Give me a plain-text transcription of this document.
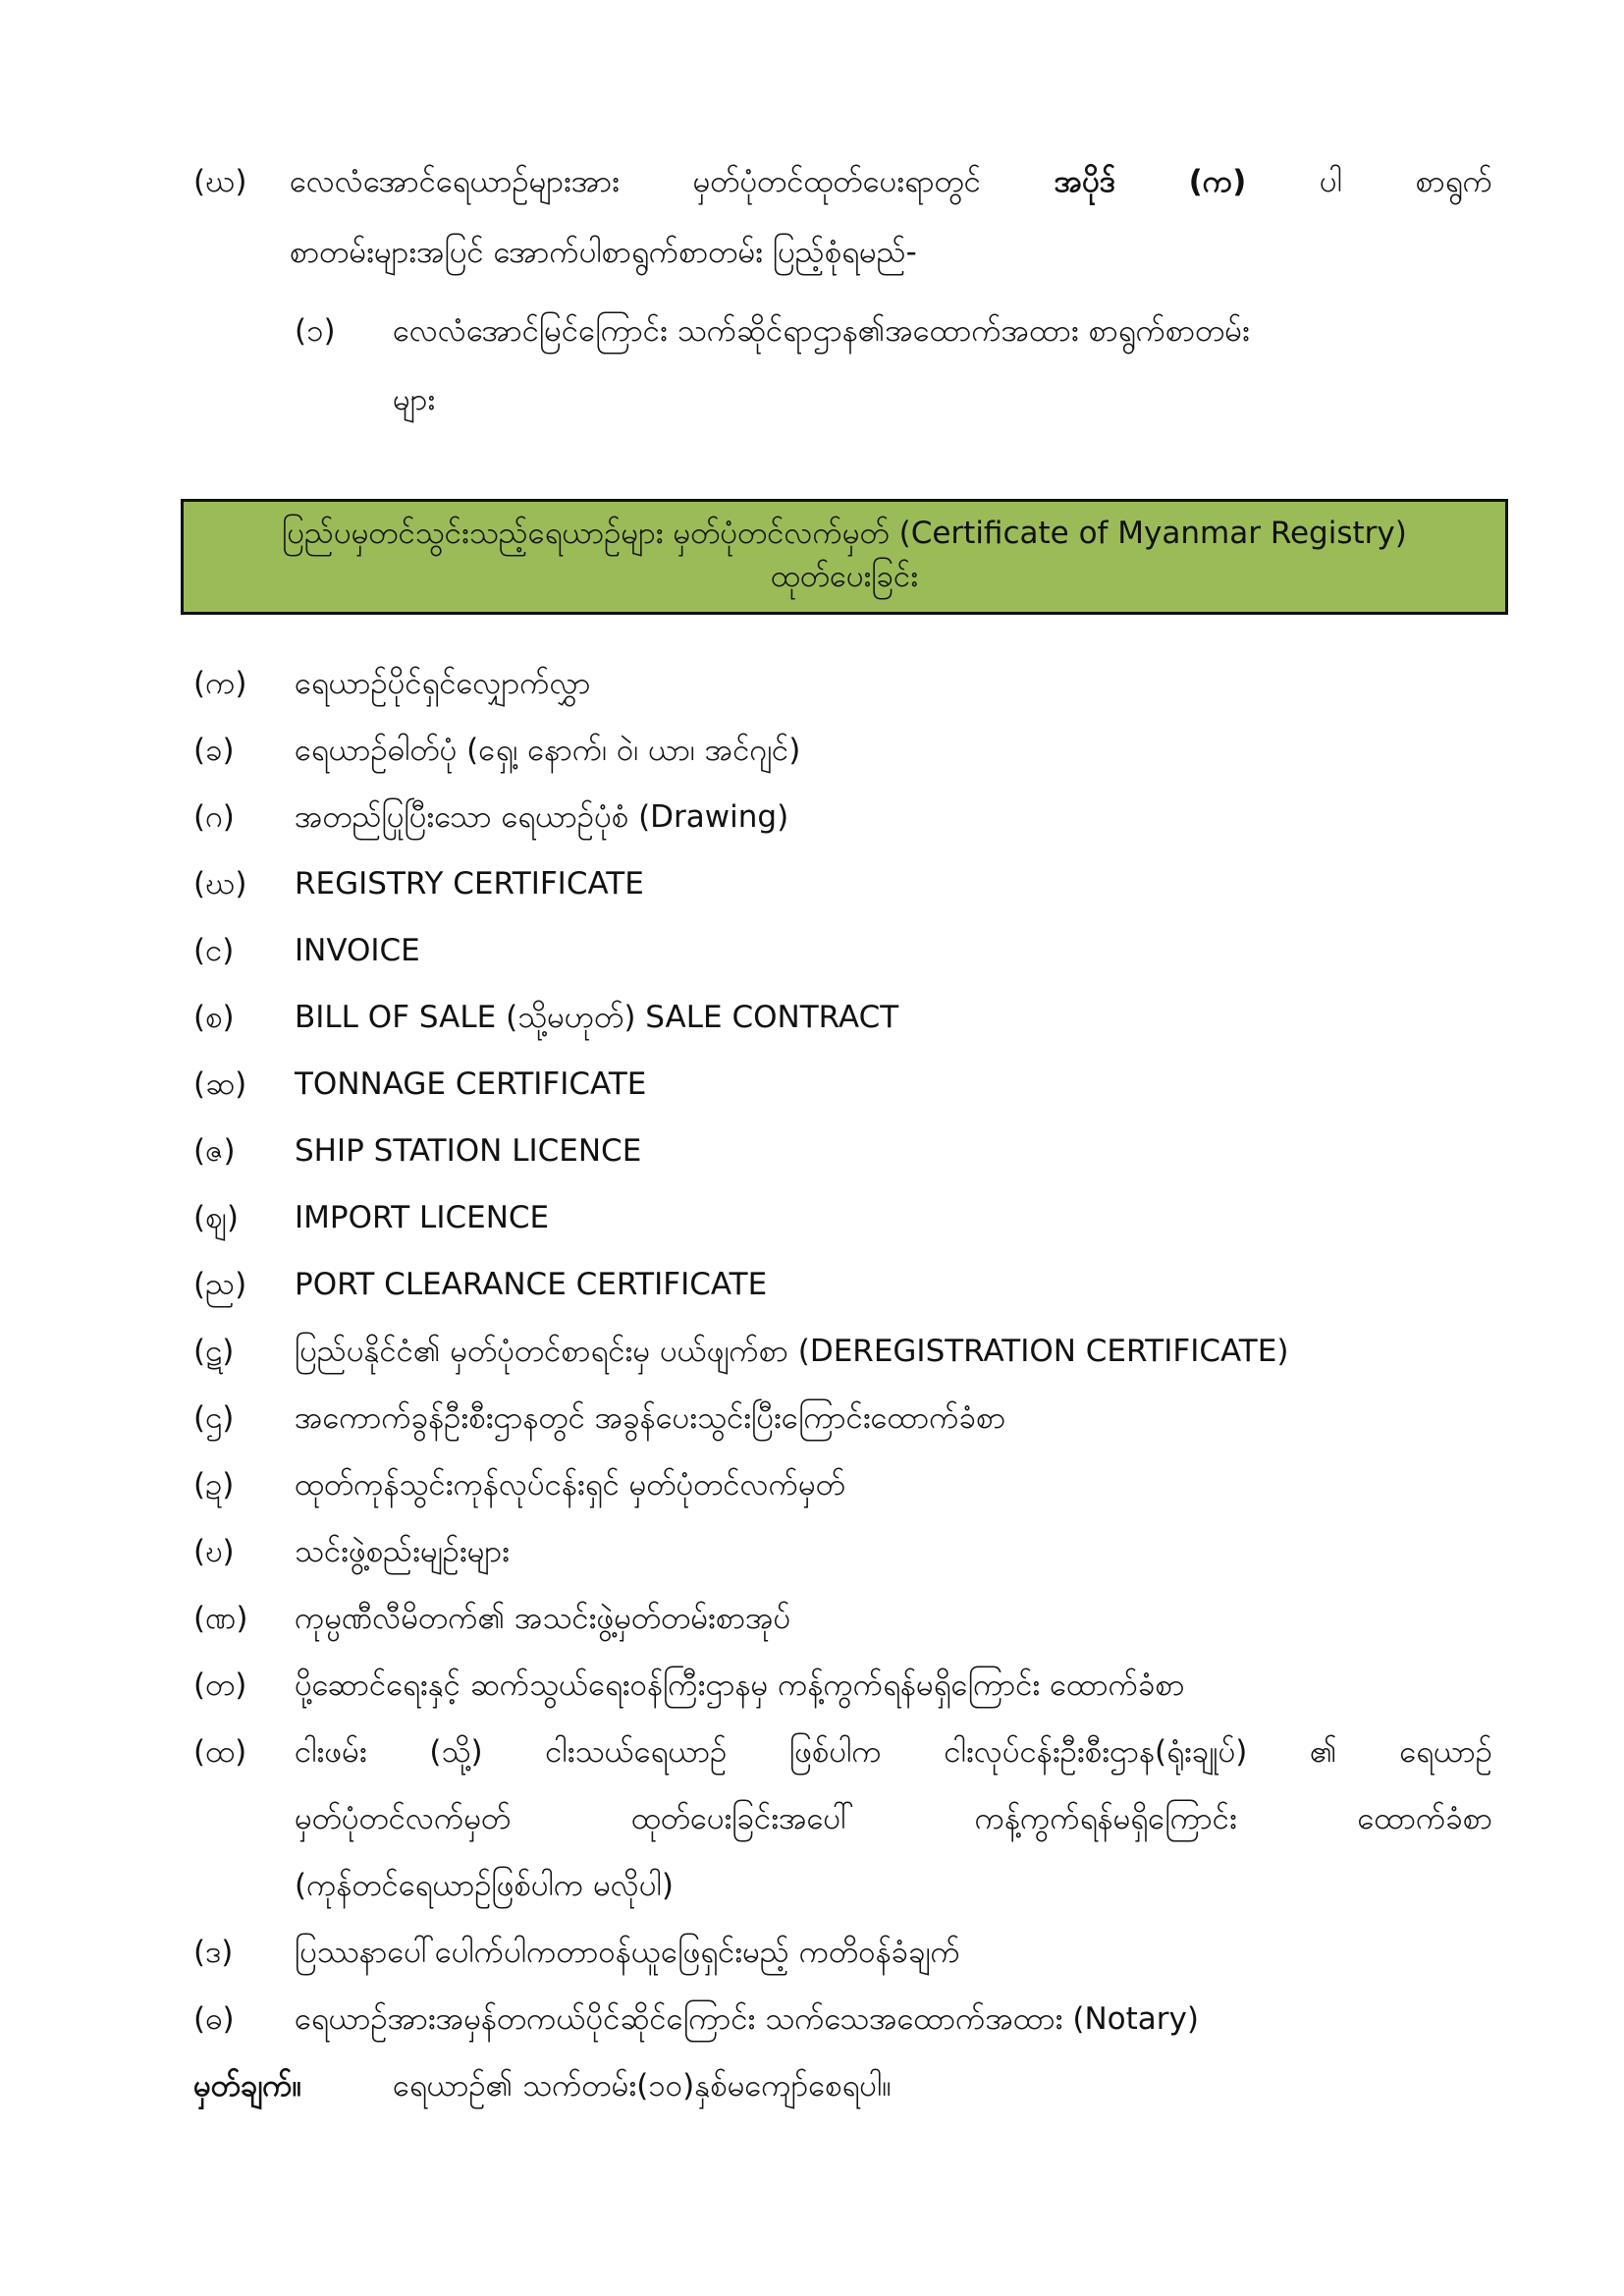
(ဃ) လေလံအောင်ရေယာဉ်များအား မှတ်ပုံတင်ထုတ်ပေးရာတွင် အပိုဒ် (က) ပါ စာရွက်
စာတမ်းများအပြင် အောက်ပါစာရွက်စာတမ်း ပြည့်စုံရမည်-
(၁) လေလံအောင်မြင်ကြောင်း သက်ဆိုင်ရာဌာန၏အထောက်အထား စာရွက်စာတမ်း
များ
ပြည်ပမှတင်သွင်းသည့်ရေယာဉ်များ မှတ်ပုံတင်လက်မှတ် (Certificate of Myanmar Registry)
ထုတ်ပေးခြင်း
(က) ရေယာဉ်ပိုင်ရှင်လျှောက်လွှာ
(ခ) ရေယာဉ်ဓါတ်ပုံ (ရှေ့၊ နောက်၊ ဝဲ၊ ယာ၊ အင်ဂျင်)
(ဂ) အတည်ပြုပြီးသော ရေယာဉ်ပုံစံ (Drawing)
(ဃ) REGISTRY CERTIFICATE
(င) INVOICE
(စ) BILL OF SALE (သို့မဟုတ်) SALE CONTRACT
(ဆ) TONNAGE CERTIFICATE
(ဇ) SHIP STATION LICENCE
(ဈ) IMPORT LICENCE
(ည) PORT CLEARANCE CERTIFICATE
(ဋ) ပြည်ပနိုင်ငံ၏ မှတ်ပုံတင်စာရင်းမှ ပယ်ဖျက်စာ (DEREGISTRATION CERTIFICATE)
(ဌ) အကောက်ခွန်ဦးစီးဌာနတွင် အခွန်ပေးသွင်းပြီးကြောင်းထောက်ခံစာ
(ဍ) ထုတ်ကုန်သွင်းကုန်လုပ်ငန်းရှင် မှတ်ပုံတင်လက်မှတ်
(ဎ) သင်းဖွဲ့စည်းမျဉ်းများ
(ဏ) ကုမ္ပဏီလီမိတက်၏ အသင်းဖွဲ့မှတ်တမ်းစာအုပ်
(တ) ပို့ဆောင်ရေးနှင့် ဆက်သွယ်ရေးဝန်ကြီးဌာနမှ ကန့်ကွက်ရန်မရှိကြောင်း ထောက်ခံစာ
(ထ) ငါးဖမ်း (သို့) ငါးသယ်ရေယာဉ် ဖြစ်ပါက ငါးလုပ်ငန်းဦးစီးဌာန(ရုံးချုပ်) ၏ ရေယာဉ်
မှတ်ပုံတင်လက်မှတ်	ထုတ်ပေးခြင်းအပေါ်	ကန့်ကွက်ရန်မရှိကြောင်း	ထောက်ခံစာ
(ကုန်တင်ရေယာဉ်ဖြစ်ပါက မလိုပါ)
(ဒ) ပြဿနာပေါ်ပေါက်ပါကတာဝန်ယူဖြေရှင်းမည့် ကတိဝန်ခံချက်
(ဓ) ရေယာဉ်အားအမှန်တကယ်ပိုင်ဆိုင်ကြောင်း သက်သေအထောက်အထား (Notary)
မှတ်ချက်။	ရေယာဉ်၏ သက်တမ်း(၁၀)နှစ်မကျော်စေရပါ။
